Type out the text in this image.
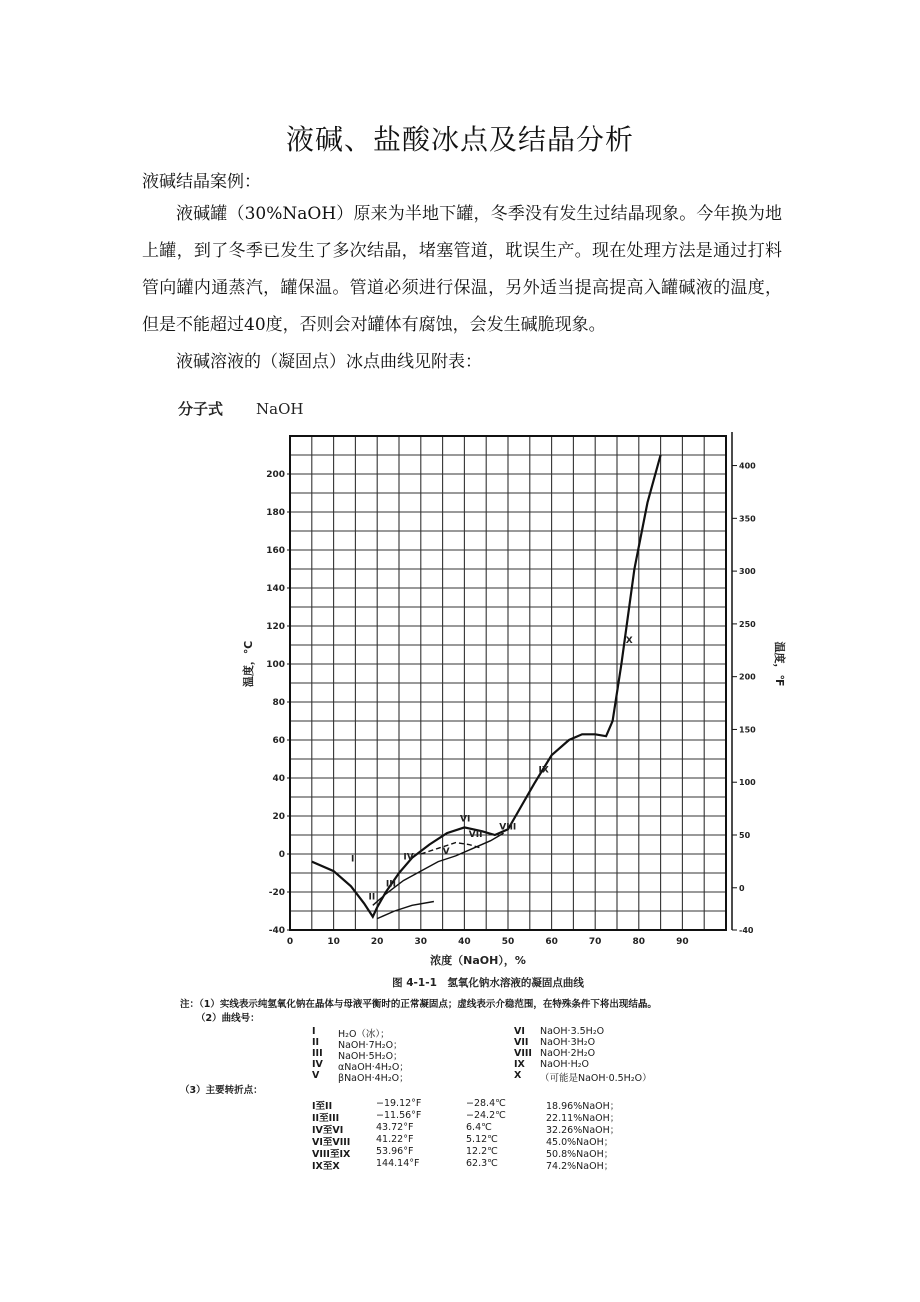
液碱、盐酸冰点及结晶分析
液碱结晶案例：
液碱罐（30%NaOH）原来为半地下罐，冬季没有发生过结晶现象。今年换为地上罐，到了冬季已发生了多次结晶，堵塞管道，耽误生产。现在处理方法是通过打料管向罐内通蒸汽，罐保温。管道必须进行保温，另外适当提高提高入罐碱液的温度，但是不能超过40度，否则会对罐体有腐蚀，会发生碱脆现象。
液碱溶液的（凝固点）冰点曲线见附表：
0	10	20	30	40	50	60	70	80	90
-40
-20
0
20
40
60
80
100
120
140
160
180
200
-40
0
50
100
150
200
250
300
350
400
分子式 NaOH
浓度（NaOH），%
温度，℃	温度，℉
图 4-1-1　氢氧化钠水溶液的凝固点曲线
I
II
III
IV
V
VI
VII
VIII
IX
X
注：（1）实线表示纯氢氧化钠在晶体与母液平衡时的正常凝固点；虚线表示介稳范围，在特殊条件下将出现结晶。
（2）曲线号：
（3）主要转折点：
I H₂O（冰）；
II NaOH·7H₂O；
III NaOH·5H₂O；
IV αNaOH·4H₂O；
V βNaOH·4H₂O；
VI NaOH·3.5H₂O
VII NaOH·3H₂O
VIII NaOH·2H₂O
IX NaOH·H₂O
X （可能是NaOH·0.5H₂O）
I至II	−19.12°F	−28.4℃	18.96%NaOH；
II至III	−11.56°F	−24.2℃	22.11%NaOH；
IV至VI	43.72°F	6.4℃	32.26%NaOH；
VI至VIII	41.22°F	5.12℃	45.0%NaOH；
VIII至IX	53.96°F	12.2℃	50.8%NaOH；
IX至X	144.14°F	62.3℃	74.2%NaOH；
